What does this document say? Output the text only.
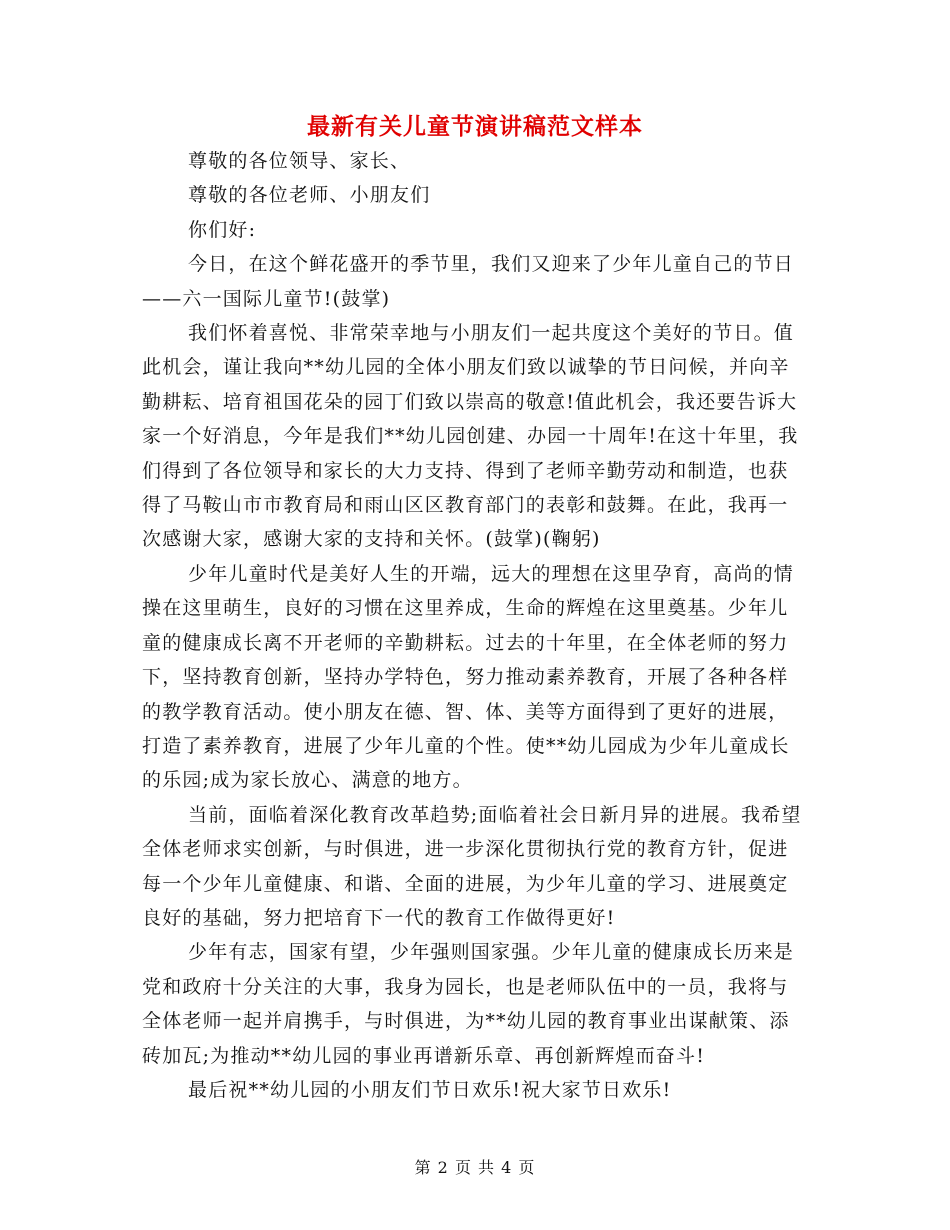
最新有关儿童节演讲稿范文样本

尊敬的各位领导、家长、

尊敬的各位老师、小朋友们

你们好:

今日，在这个鲜花盛开的季节里，我们又迎来了少年儿童自己的节日——六一国际儿童节!(鼓掌)

我们怀着喜悦、非常荣幸地与小朋友们一起共度这个美好的节日。值此机会，谨让我向**幼儿园的全体小朋友们致以诚挚的节日问候，并向辛勤耕耘、培育祖国花朵的园丁们致以崇高的敬意!值此机会，我还要告诉大家一个好消息，今年是我们**幼儿园创建、办园一十周年!在这十年里，我们得到了各位领导和家长的大力支持、得到了老师辛勤劳动和制造，也获得了马鞍山市市教育局和雨山区区教育部门的表彰和鼓舞。在此，我再一次感谢大家，感谢大家的支持和关怀。(鼓掌)(鞠躬)

少年儿童时代是美好人生的开端，远大的理想在这里孕育，高尚的情操在这里萌生，良好的习惯在这里养成，生命的辉煌在这里奠基。少年儿童的健康成长离不开老师的辛勤耕耘。过去的十年里，在全体老师的努力下，坚持教育创新，坚持办学特色，努力推动素养教育，开展了各种各样的教学教育活动。使小朋友在德、智、体、美等方面得到了更好的进展，打造了素养教育，进展了少年儿童的个性。使**幼儿园成为少年儿童成长的乐园;成为家长放心、满意的地方。

当前，面临着深化教育改革趋势;面临着社会日新月异的进展。我希望全体老师求实创新，与时俱进，进一步深化贯彻执行党的教育方针，促进每一个少年儿童健康、和谐、全面的进展，为少年儿童的学习、进展奠定良好的基础，努力把培育下一代的教育工作做得更好!

少年有志，国家有望，少年强则国家强。少年儿童的健康成长历来是党和政府十分关注的大事，我身为园长，也是老师队伍中的一员，我将与全体老师一起并肩携手，与时俱进，为**幼儿园的教育事业出谋献策、添砖加瓦;为推动**幼儿园的事业再谱新乐章、再创新辉煌而奋斗!

最后祝**幼儿园的小朋友们节日欢乐!祝大家节日欢乐!

第 2 页 共 4 页
